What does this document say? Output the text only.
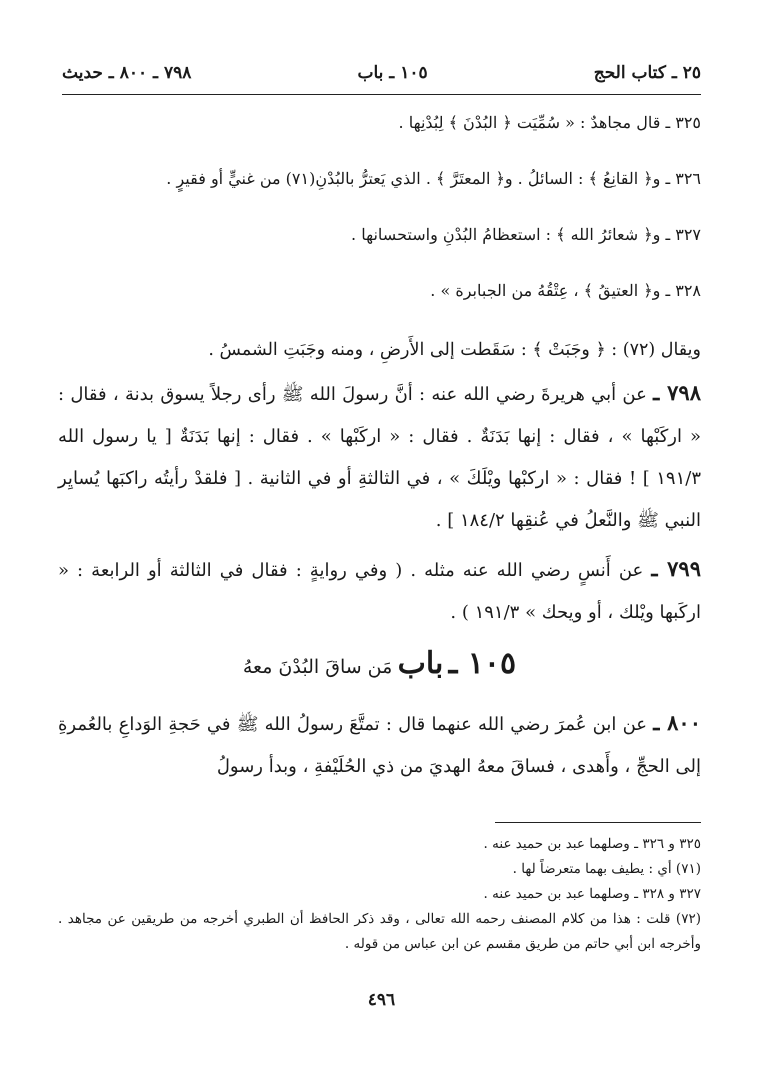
٢٥ ـ كتاب الحج
١٠٥ ـ باب
٧٩٨ ـ ٨٠٠ ـ حديث

٣٢٥ ـ قال مجاهدٌ : « سُمِّيَت ﴿ البُدْنَ ﴾ لِبُدْنِها .

٣٢٦ ـ و﴿ القانِعُ ﴾ : السائلُ . و﴿ المعتَرَّ ﴾ . الذي يَعترُّ بالبُدْنِ(٧١) من غنيٍّ أو فقيرٍ .

٣٢٧ ـ و﴿ شعائرُ الله ﴾ : استعظامُ البُدْنِ واستحسانها .

٣٢٨ ـ و﴿ العتيقُ ﴾ ، عِتْقُهُ من الجبابرة » .

ويقال (٧٢) : ﴿ وجَبَتْ ﴾ : سَقَطت إلى الأَرضِ ، ومنه وجَبَتِ الشمسُ .

٧٩٨ ـ عن أبي هريرةَ رضي الله عنه : أنَّ رسولَ الله ﷺ رأى رجلاً يسوق بدنة ، فقال : « اركَبْها » ، فقال : إنها بَدَنَةٌ . فقال : « اركَبْها » . فقال : إنها بَدَنَةٌ [ يا رسول الله ١٩١/٣ ] ! فقال : « اركبْها ويْلَكَ » ، في الثالثةِ أو في الثانية . [ فلقدْ رأيتُه راكبَها يُسايِر النبي ﷺ والنَّعلُ في عُنقِها ١٨٤/٢ ] .

٧٩٩ ـ عن أَنسٍ رضي الله عنه مثله . ( وفي روايةٍ : فقال في الثالثة أو الرابعة : « اركَبها ويْلك ، أو ويحك » ١٩١/٣ ) .

١٠٥ ـ باب مَن ساقَ البُدْنَ معهُ

٨٠٠ ـ عن ابن عُمرَ رضي الله عنهما قال : تمتَّعَ رسولُ الله ﷺ في حَجةِ الوَداعِ بالعُمرةِ إلى الحجِّ ، وأَهدى ، فساقَ معهُ الهديَ من ذي الحُلَيْفةِ ، وبدأ رسولُ

٣٢٥ و ٣٢٦ ـ وصلهما عبد بن حميد عنه .

(٧١) أي : يطيف بهما متعرضاً لها .

٣٢٧ و ٣٢٨ ـ وصلهما عبد بن حميد عنه .

(٧٢) قلت : هذا من كلام المصنف رحمه الله تعالى ، وقد ذكر الحافظ أن الطبري أخرجه من طريقين عن مجاهد . وأخرجه ابن أبي حاتم من طريق مقسم عن ابن عباس من قوله .

٤٩٦
